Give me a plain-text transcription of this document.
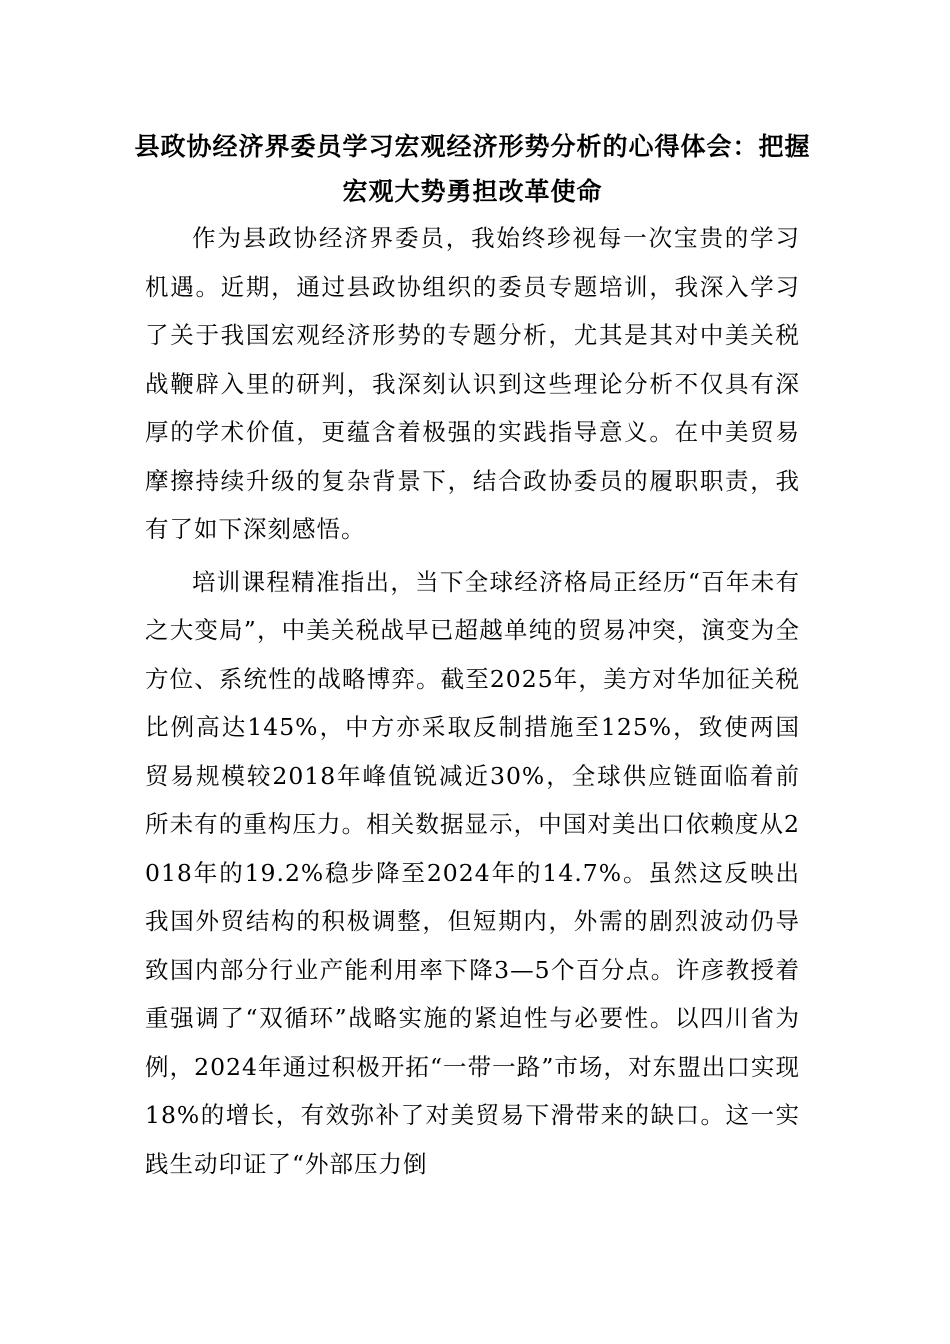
县政协经济界委员学习宏观经济形势分析的心得体会：把握宏观大势勇担改革使命

作为县政协经济界委员，我始终珍视每一次宝贵的学习机遇。近期，通过县政协组织的委员专题培训，我深入学习了关于我国宏观经济形势的专题分析，尤其是其对中美关税战鞭辟入里的研判，我深刻认识到这些理论分析不仅具有深厚的学术价值，更蕴含着极强的实践指导意义。在中美贸易摩擦持续升级的复杂背景下，结合政协委员的履职职责，我有了如下深刻感悟。

培训课程精准指出，当下全球经济格局正经历“百年未有之大变局”，中美关税战早已超越单纯的贸易冲突，演变为全方位、系统性的战略博弈。截至2025年，美方对华加征关税比例高达145%，中方亦采取反制措施至125%，致使两国贸易规模较2018年峰值锐减近30%，全球供应链面临着前所未有的重构压力。相关数据显示，中国对美出口依赖度从2018年的19.2%稳步降至2024年的14.7%。虽然这反映出我国外贸结构的积极调整，但短期内，外需的剧烈波动仍导致国内部分行业产能利用率下降3—5个百分点。许彦教授着重强调了“双循环”战略实施的紧迫性与必要性。以四川省为例，2024年通过积极开拓“一带一路”市场，对东盟出口实现18%的增长，有效弥补了对美贸易下滑带来的缺口。这一实践生动印证了“外部压力倒
